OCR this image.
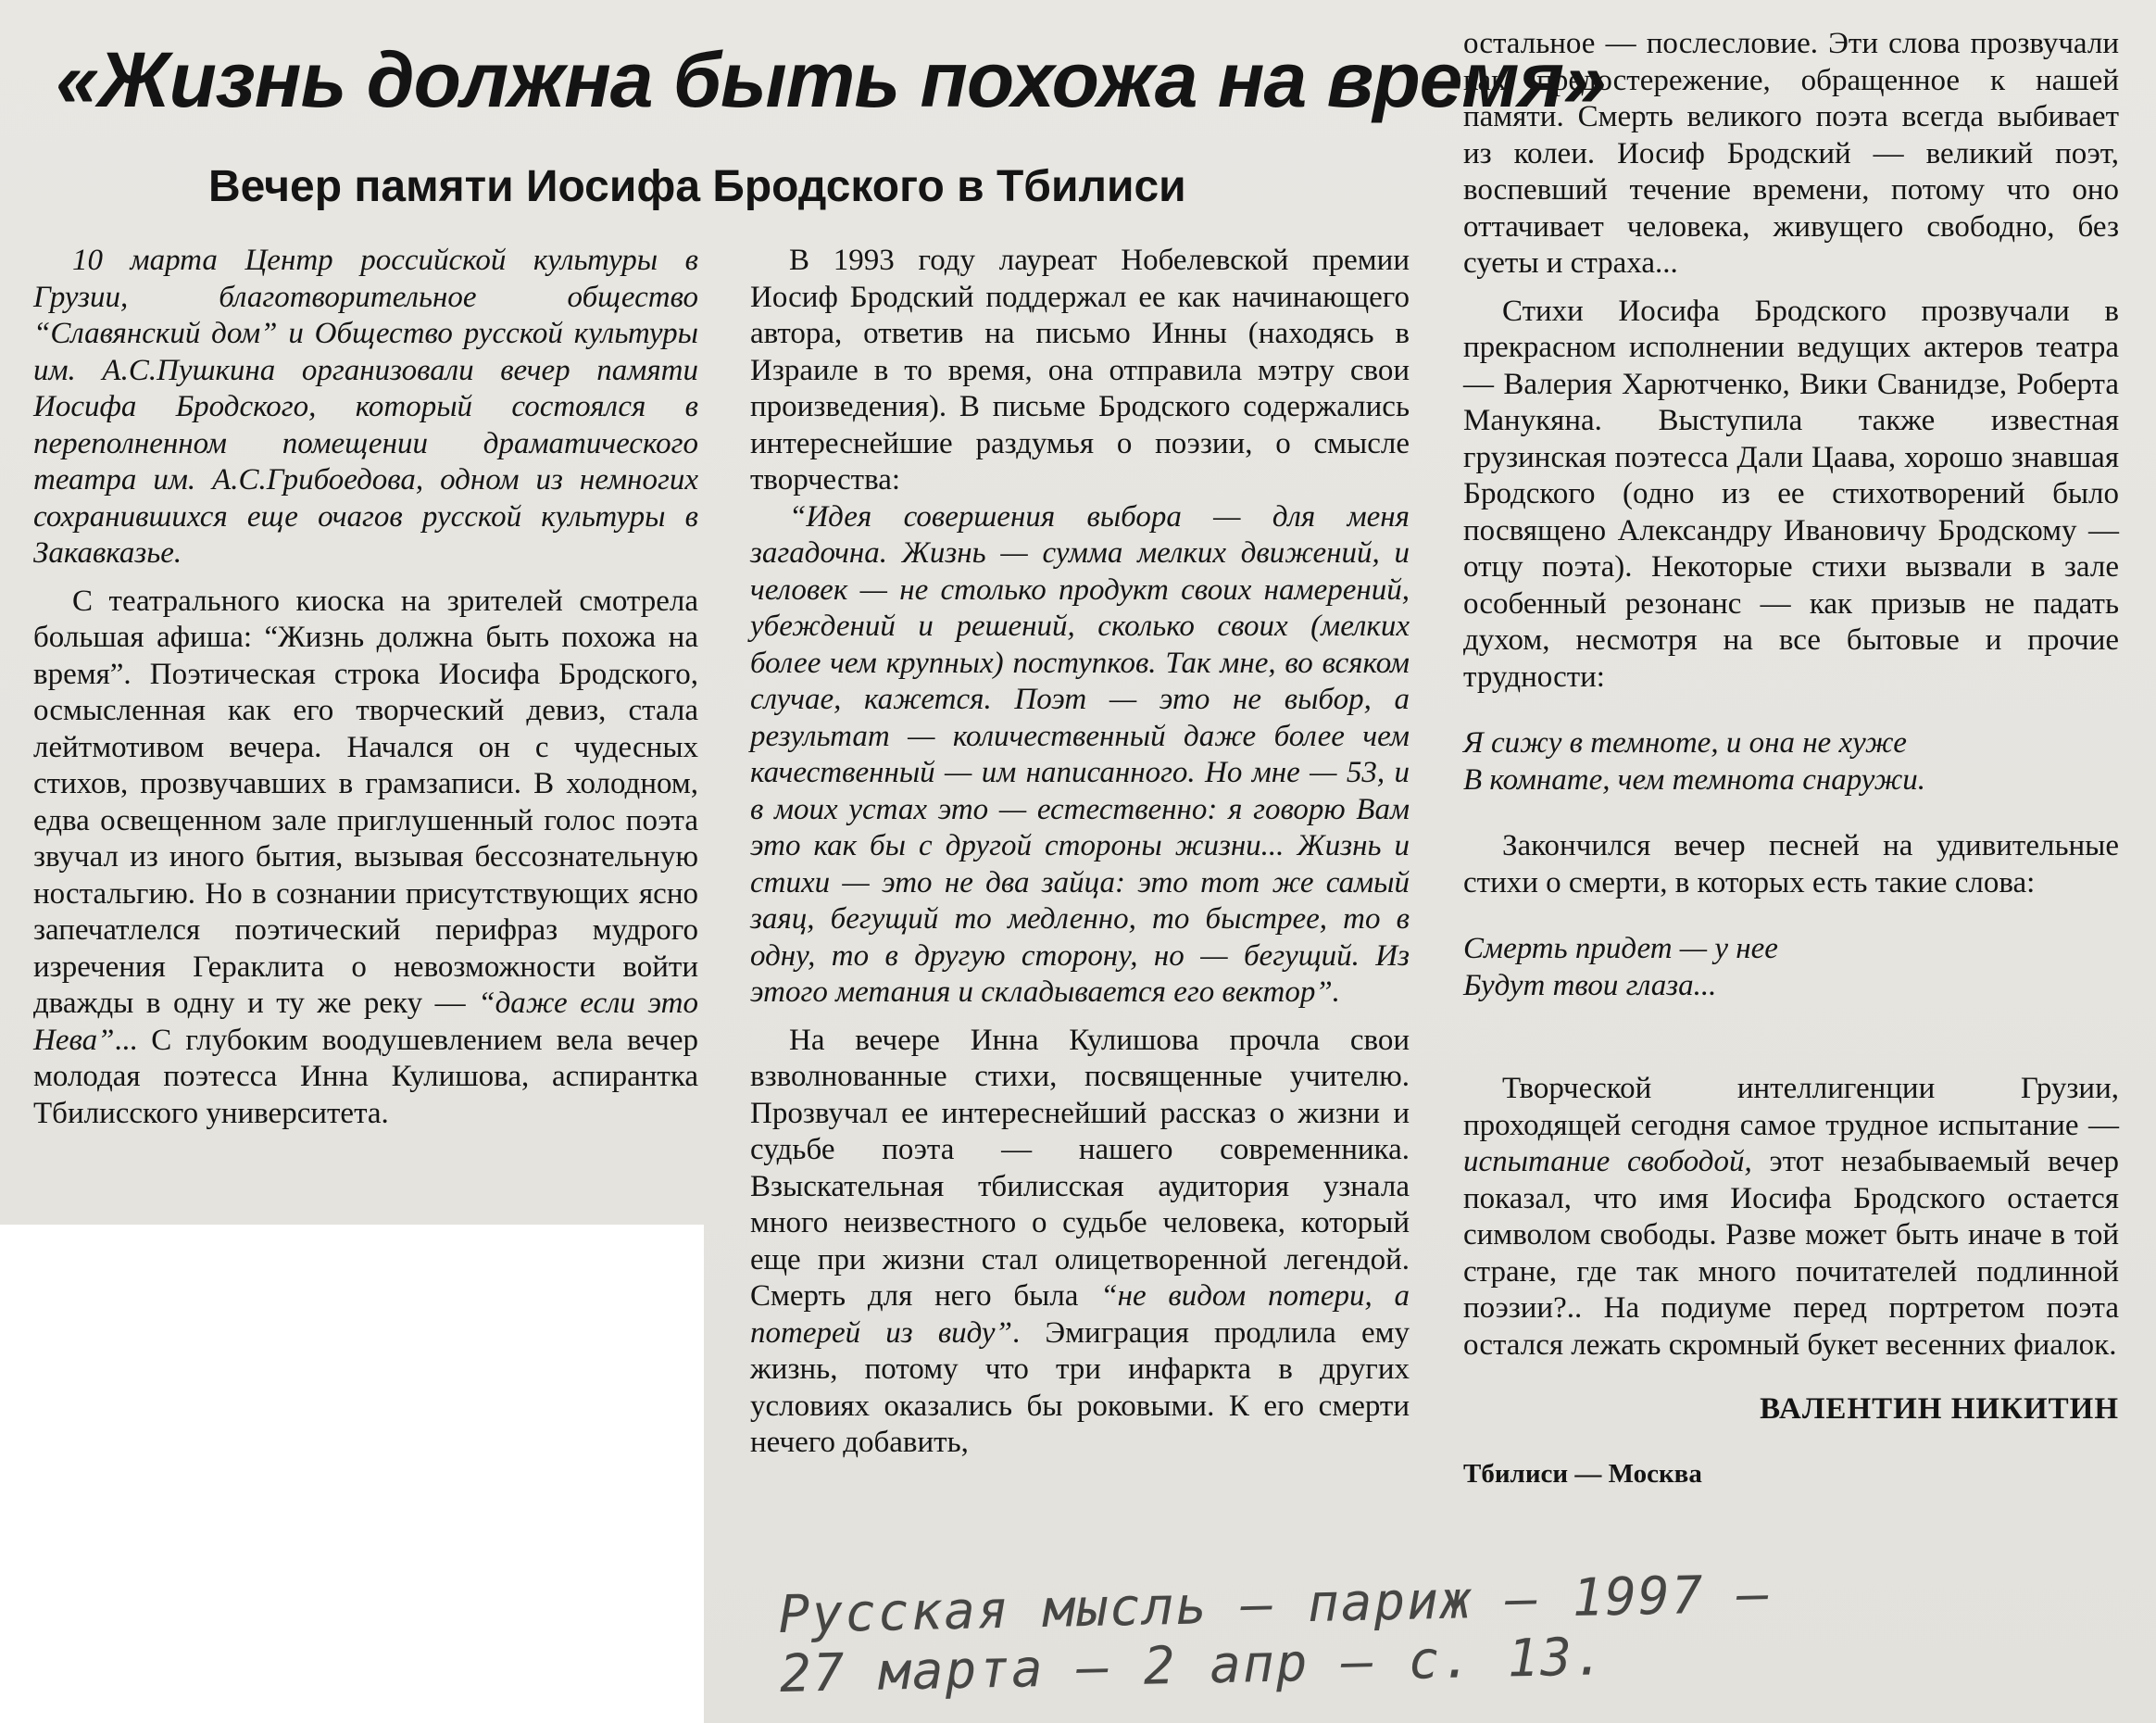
«Жизнь должна быть похожа на время»
Вечер памяти Иосифа Бродского в Тбилиси

10 марта Центр российской культуры в Грузии, благотворительное общество “Славянский дом” и Общество русской культуры им. А.С.Пушкина организовали вечер памяти Иосифа Бродского, который состоялся в переполненном помещении драматического театра им. А.С.Грибоедова, одном из немногих сохранившихся еще очагов русской культуры в Закавказье.

С театрального киоска на зрителей смотрела большая афиша: “Жизнь должна быть похожа на время”. Поэтическая строка Иосифа Бродского, осмысленная как его творческий девиз, стала лейтмотивом вечера. Начался он с чудесных стихов, прозвучавших в грамзаписи. В холодном, едва освещенном зале приглушенный голос поэта звучал из иного бытия, вызывая бессознательную ностальгию. Но в сознании присутствующих ясно запечатлелся поэтический перифраз мудрого изречения Гераклита о невозможности войти дважды в одну и ту же реку — “даже если это Нева”... С глубоким воодушевлением вела вечер молодая поэтесса Инна Кулишова, аспирантка Тбилисского университета.

В 1993 году лауреат Нобелевской премии Иосиф Бродский поддержал ее как начинающего автора, ответив на письмо Инны (находясь в Израиле в то время, она отправила мэтру свои произведения). В письме Бродского содержались интереснейшие раздумья о поэзии, о смысле творчества:

“Идея совершения выбора — для меня загадочна. Жизнь — сумма мелких движений, и человек — не столько продукт своих намерений, убеждений и решений, сколько своих (мелких более чем крупных) поступков. Так мне, во всяком случае, кажется. Поэт — это не выбор, а результат — количественный даже более чем качественный — им написанного. Но мне — 53, и в моих устах это — естественно: я говорю Вам это как бы с другой стороны жизни... Жизнь и стихи — это не два зайца: это тот же самый заяц, бегущий то медленно, то быстрее, то в одну, то в другую сторону, но — бегущий. Из этого метания и складывается его вектор”.

На вечере Инна Кулишова прочла свои взволнованные стихи, посвященные учителю. Прозвучал ее интереснейший рассказ о жизни и судьбе поэта — нашего современника. Взыскательная тбилисская аудитория узнала много неизвестного о судьбе человека, который еще при жизни стал олицетворенной легендой. Смерть для него была “не видом потери, а потерей из виду”. Эмиграция продлила ему жизнь, потому что три инфаркта в других условиях оказались бы роковыми. К его смерти нечего добавить,

остальное — послесловие. Эти слова прозвучали как предостережение, обращенное к нашей памяти. Смерть великого поэта всегда выбивает из колеи. Иосиф Бродский — великий поэт, воспевший течение времени, потому что оно оттачивает человека, живущего свободно, без суеты и страха...

Стихи Иосифа Бродского прозвучали в прекрасном исполнении ведущих актеров театра — Валерия Харютченко, Вики Сванидзе, Роберта Манукяна. Выступила также известная грузинская поэтесса Дали Цаава, хорошо знавшая Бродского (одно из ее стихотворений было посвящено Александру Ивановичу Бродскому — отцу поэта). Некоторые стихи вызвали в зале особенный резонанс — как призыв не падать духом, несмотря на все бытовые и прочие трудности:

Я сижу в темноте, и она не хуже

В комнате, чем темнота снаружи.

Закончился вечер песней на удивительные стихи о смерти, в которых есть такие слова:

Смерть придет — у нее

Будут твои глаза...

Творческой интеллигенции Грузии, проходящей сегодня самое трудное испытание — испытание свободой, этот незабываемый вечер показал, что имя Иосифа Бродского остается символом свободы. Разве может быть иначе в той стране, где так много почитателей подлинной поэзии?.. На подиуме перед портретом поэта остался лежать скромный букет весенних фиалок.

ВАЛЕНТИН НИКИТИН

Тбилиси — Москва

Русская мысль – париж – 1997 –
27 марта – 2 апр – с. 13.
